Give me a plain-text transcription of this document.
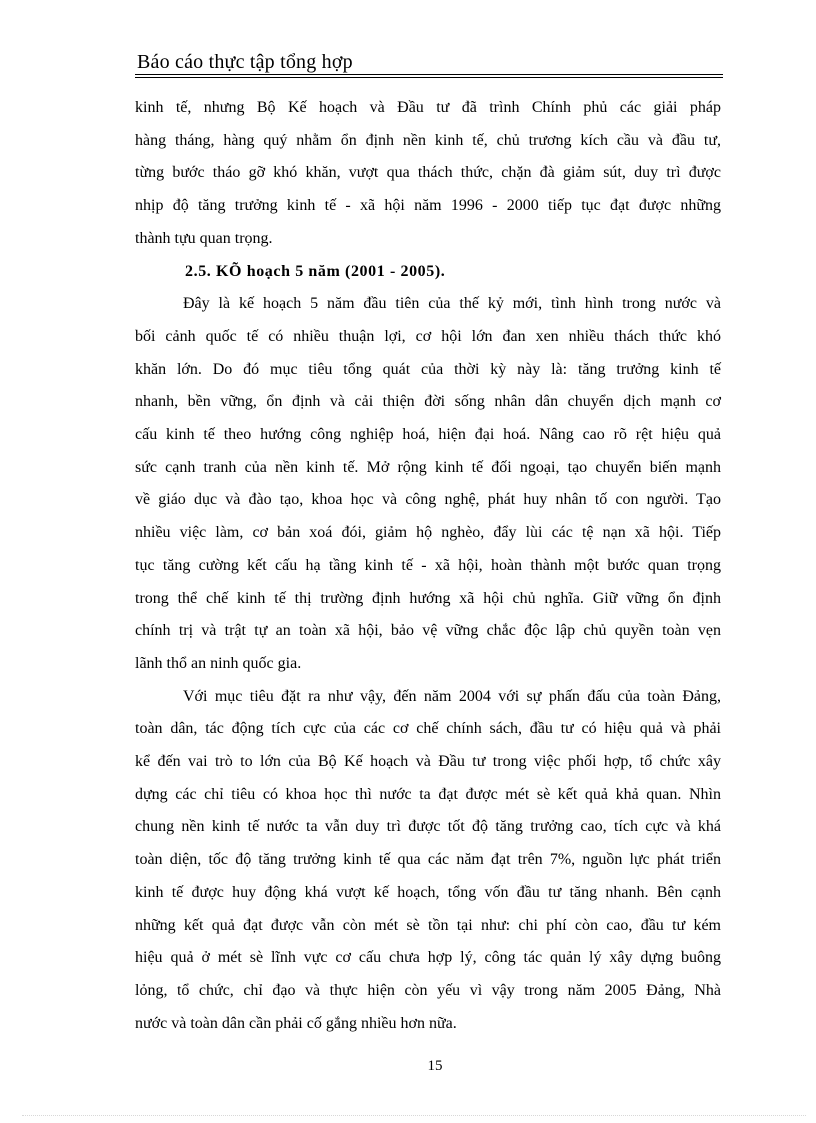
Báo cáo thực tập tổng hợp

kinh tế, nhưng Bộ Kế hoạch và Đầu tư đã trình Chính phủ các giải pháp
hàng tháng, hàng quý nhằm ổn định nền kinh tế, chủ trương kích cầu và đầu tư,
từng bước tháo gỡ khó khăn, vượt qua thách thức, chặn đà giảm sút, duy trì được
nhịp độ tăng trưởng kinh tế - xã hội năm 1996 - 2000 tiếp tục đạt được những
thành tựu quan trọng.

2.5. KÕ hoạch 5 năm (2001 - 2005).

Đây là kế hoạch 5 năm đầu tiên của thế kỷ mới, tình hình trong nước và
bối cảnh quốc tế có nhiều thuận lợi, cơ hội lớn đan xen nhiều thách thức khó
khăn lớn. Do đó mục tiêu tổng quát của thời kỳ này là: tăng trưởng kinh tế
nhanh, bền vững, ổn định và cải thiện đời sống nhân dân chuyển dịch mạnh cơ
cấu kinh tế theo hướng công nghiệp hoá, hiện đại hoá. Nâng cao rõ rệt hiệu quả
sức cạnh tranh của nền kinh tế. Mở rộng kinh tế đối ngoại, tạo chuyển biến mạnh
về giáo dục và đào tạo, khoa học và công nghệ, phát huy nhân tố con người. Tạo
nhiều việc làm, cơ bản xoá đói, giảm hộ nghèo, đẩy lùi các tệ nạn xã hội. Tiếp
tục tăng cường kết cấu hạ tầng kinh tế - xã hội, hoàn thành một bước quan trọng
trong thể chế kinh tế thị trường định hướng xã hội chủ nghĩa. Giữ vững ổn định
chính trị và trật tự an toàn xã hội, bảo vệ vững chắc độc lập chủ quyền toàn vẹn
lãnh thổ an ninh quốc gia.

Với mục tiêu đặt ra như vậy, đến năm 2004 với sự phấn đấu của toàn Đảng,
toàn dân, tác động tích cực của các cơ chế chính sách, đầu tư có hiệu quả và phải
kể đến vai trò to lớn của Bộ Kế hoạch và Đầu tư trong việc phối hợp, tổ chức xây
dựng các chỉ tiêu có khoa học thì nước ta đạt được mét sè kết quả khả quan. Nhìn
chung nền kinh tế nước ta vẫn duy trì được tốt độ tăng trưởng cao, tích cực và khá
toàn diện, tốc độ tăng trưởng kinh tế qua các năm đạt trên 7%, nguồn lực phát triển
kinh tế được huy động khá vượt kế hoạch, tổng vốn đầu tư tăng nhanh. Bên cạnh
những kết quả đạt được vẫn còn mét sè tồn tại như: chi phí còn cao, đầu tư kém
hiệu quả ở mét sè lĩnh vực cơ cấu chưa hợp lý, công tác quản lý xây dựng buông
lỏng, tổ chức, chỉ đạo và thực hiện còn yếu vì vậy trong năm 2005 Đảng, Nhà
nước và toàn dân cần phải cố gắng nhiều hơn nữa.

15
